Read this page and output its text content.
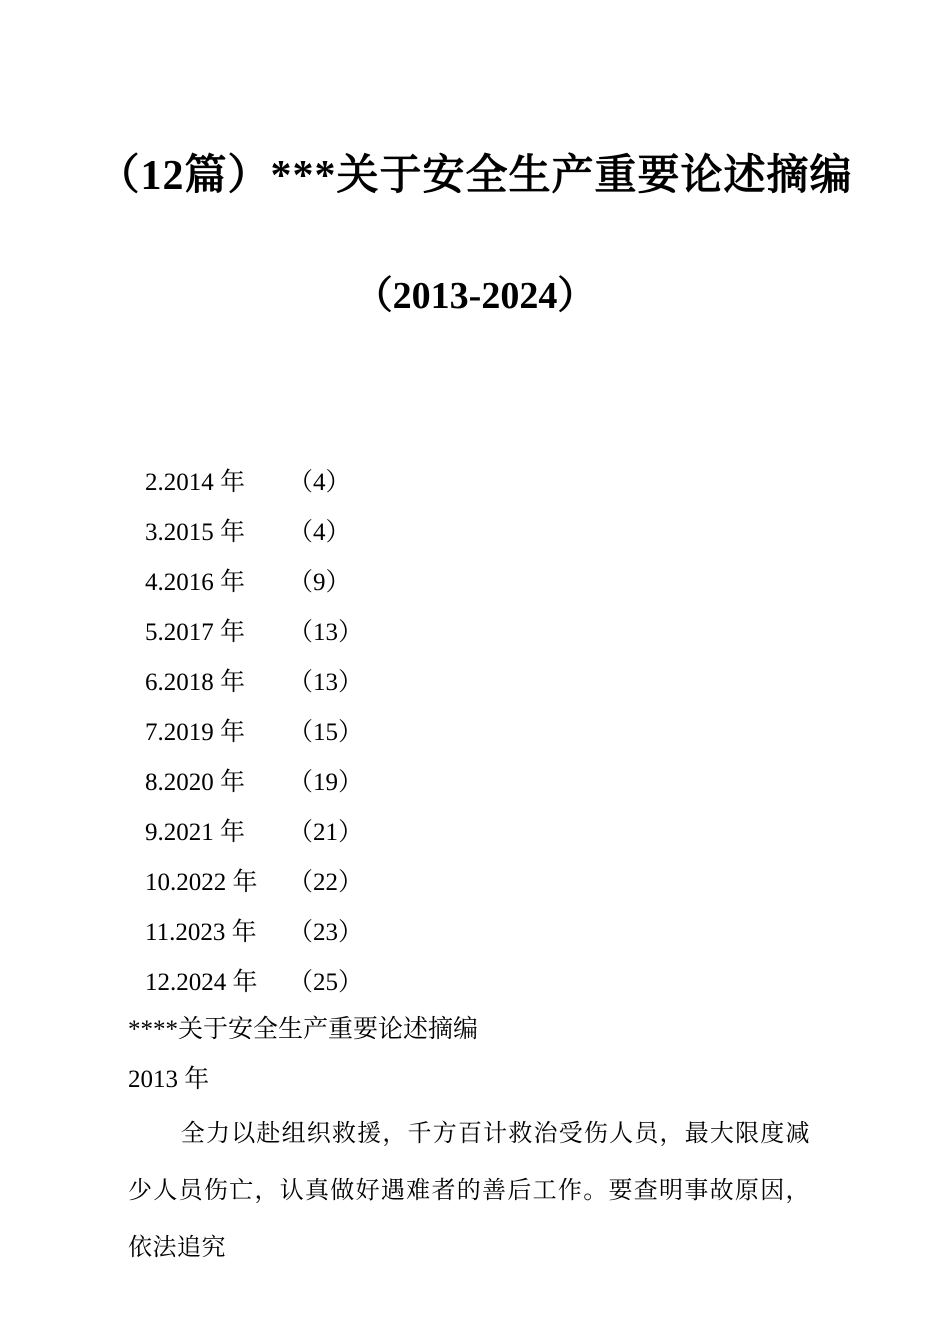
（12篇）***关于安全生产重要论述摘编
（2013-2024）
2.2014 年	（4）
3.2015 年	（4）
4.2016 年	（9）
5.2017 年	（13）
6.2018 年	（13）
7.2019 年	（15）
8.2020 年	（19）
9.2021 年	（21）
10.2022 年	（22）
11.2023 年	（23）
12.2024 年	（25）
****关于安全生产重要论述摘编
2013 年

全力以赴组织救援，千方百计救治受伤人员，最大限度减少人员伤亡，认真做好遇难者的善后工作。要查明事故原因，依法追究
